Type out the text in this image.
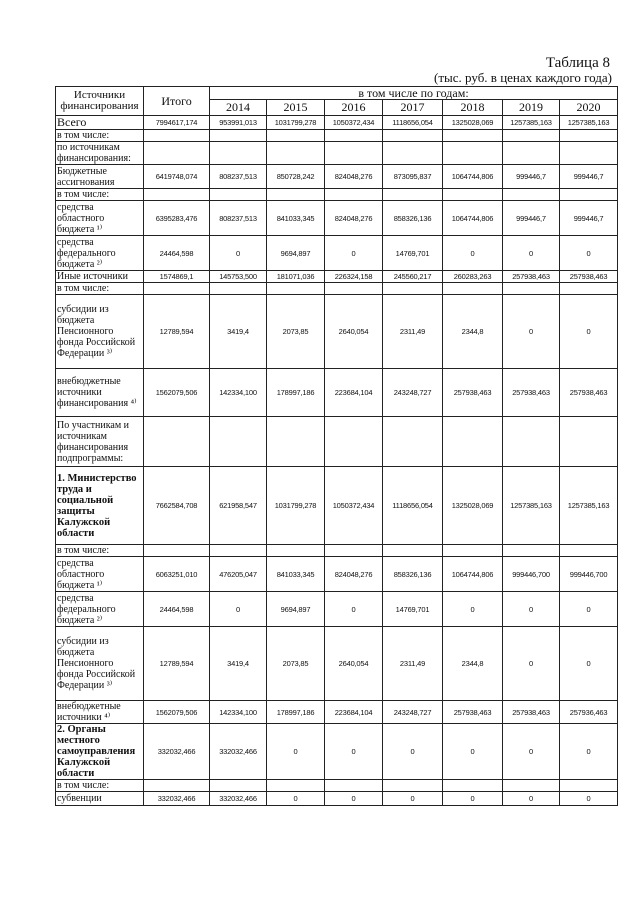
Таблица 8
(тыс. руб. в ценах каждого года)
Источники финансирования	Итого	в том числе по годам:						
		2014	2015	2016	2017	2018	2019	2020
Всего	7994617,174	953991,013	1031799,278	1050372,434	1118656,054	1325028,069	1257385,163	1257385,163
в том числе:								
по источникам финансирования:								
Бюджетные ассигнования	6419748,074	808237,513	850728,242	824048,276	873095,837	1064744,806	999446,7	999446,7
в том числе:								
средства областного бюджета ¹⁾	6395283,476	808237,513	841033,345	824048,276	858326,136	1064744,806	999446,7	999446,7
средства федерального бюджета ²⁾	24464,598	0	9694,897	0	14769,701	0	0	0
Иные источники	1574869,1	145753,500	181071,036	226324,158	245560,217	260283,263	257938,463	257938,463
в том числе:								
субсидии из бюджета Пенсионного фонда Российской Федерации ³⁾	12789,594	3419,4	2073,85	2640,054	2311,49	2344,8	0	0
внебюджетные источники финансирования ⁴⁾	1562079,506	142334,100	178997,186	223684,104	243248,727	257938,463	257938,463	257938,463
По участникам и источникам финансирования подпрограммы:								
1. Министерство труда и социальной защиты Калужской области	7662584,708	621958,547	1031799,278	1050372,434	1118656,054	1325028,069	1257385,163	1257385,163
в том числе:								
средства областного бюджета ¹⁾	6063251,010	476205,047	841033,345	824048,276	858326,136	1064744,806	999446,700	999446,700
средства федерального бюджета ²⁾	24464,598	0	9694,897	0	14769,701	0	0	0
субсидии из бюджета Пенсионного фонда Российской Федерации ³⁾	12789,594	3419,4	2073,85	2640,054	2311,49	2344,8	0	0
внебюджетные источники ⁴⁾	1562079,506	142334,100	178997,186	223684,104	243248,727	257938,463	257938,463	257936,463
2. Органы местного самоуправления Калужской области	332032,466	332032,466	0	0	0	0	0	0
в том числе:								
субвенции	332032,466	332032,466	0	0	0	0	0	0
